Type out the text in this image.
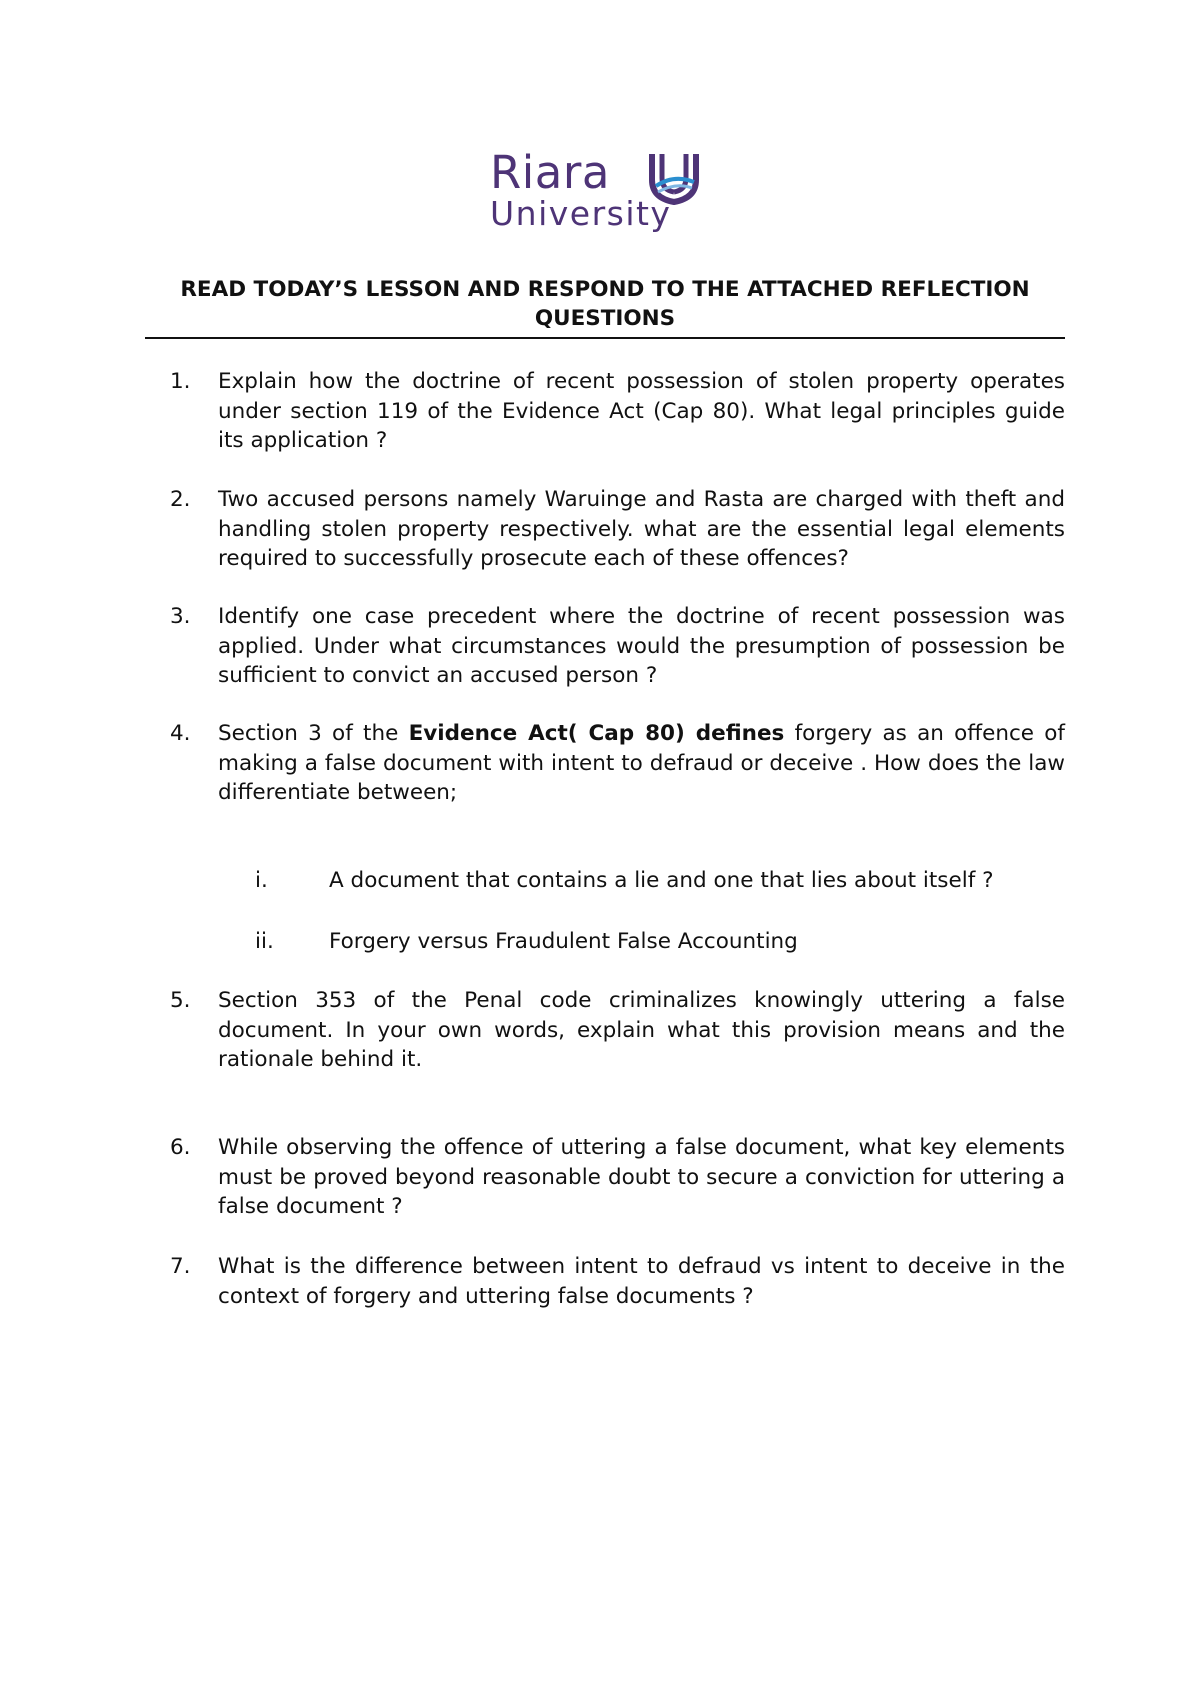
Riara
University
READ TODAY’S LESSON AND RESPOND TO THE ATTACHED REFLECTION
QUESTIONS
1. Explain how the doctrine of recent possession of stolen property operates under section 119 of the Evidence Act (Cap 80). What legal principles guide its application ?
2. Two accused persons namely Waruinge and Rasta are charged with theft and handling stolen property respectively. what are the essential legal elements required to successfully prosecute each of these offences?
3. Identify one case precedent where the doctrine of recent possession was applied. Under what circumstances would the presumption of possession be sufficient to convict an accused person ?
4. Section 3 of the Evidence Act( Cap 80) defines forgery as an offence of making a false document with intent to defraud or deceive . How does the law differentiate between;
i.	A document that contains a lie and one that lies about itself ?
ii.	Forgery versus Fraudulent False Accounting
5. Section 353 of the Penal code criminalizes knowingly uttering a false document. In your own words, explain what this provision means and the rationale behind it.
6. While observing the offence of uttering a false document, what key elements must be proved beyond reasonable doubt to secure a conviction for uttering a false document ?
7. What is the difference between intent to defraud vs intent to deceive in the context of forgery and uttering false documents ?
